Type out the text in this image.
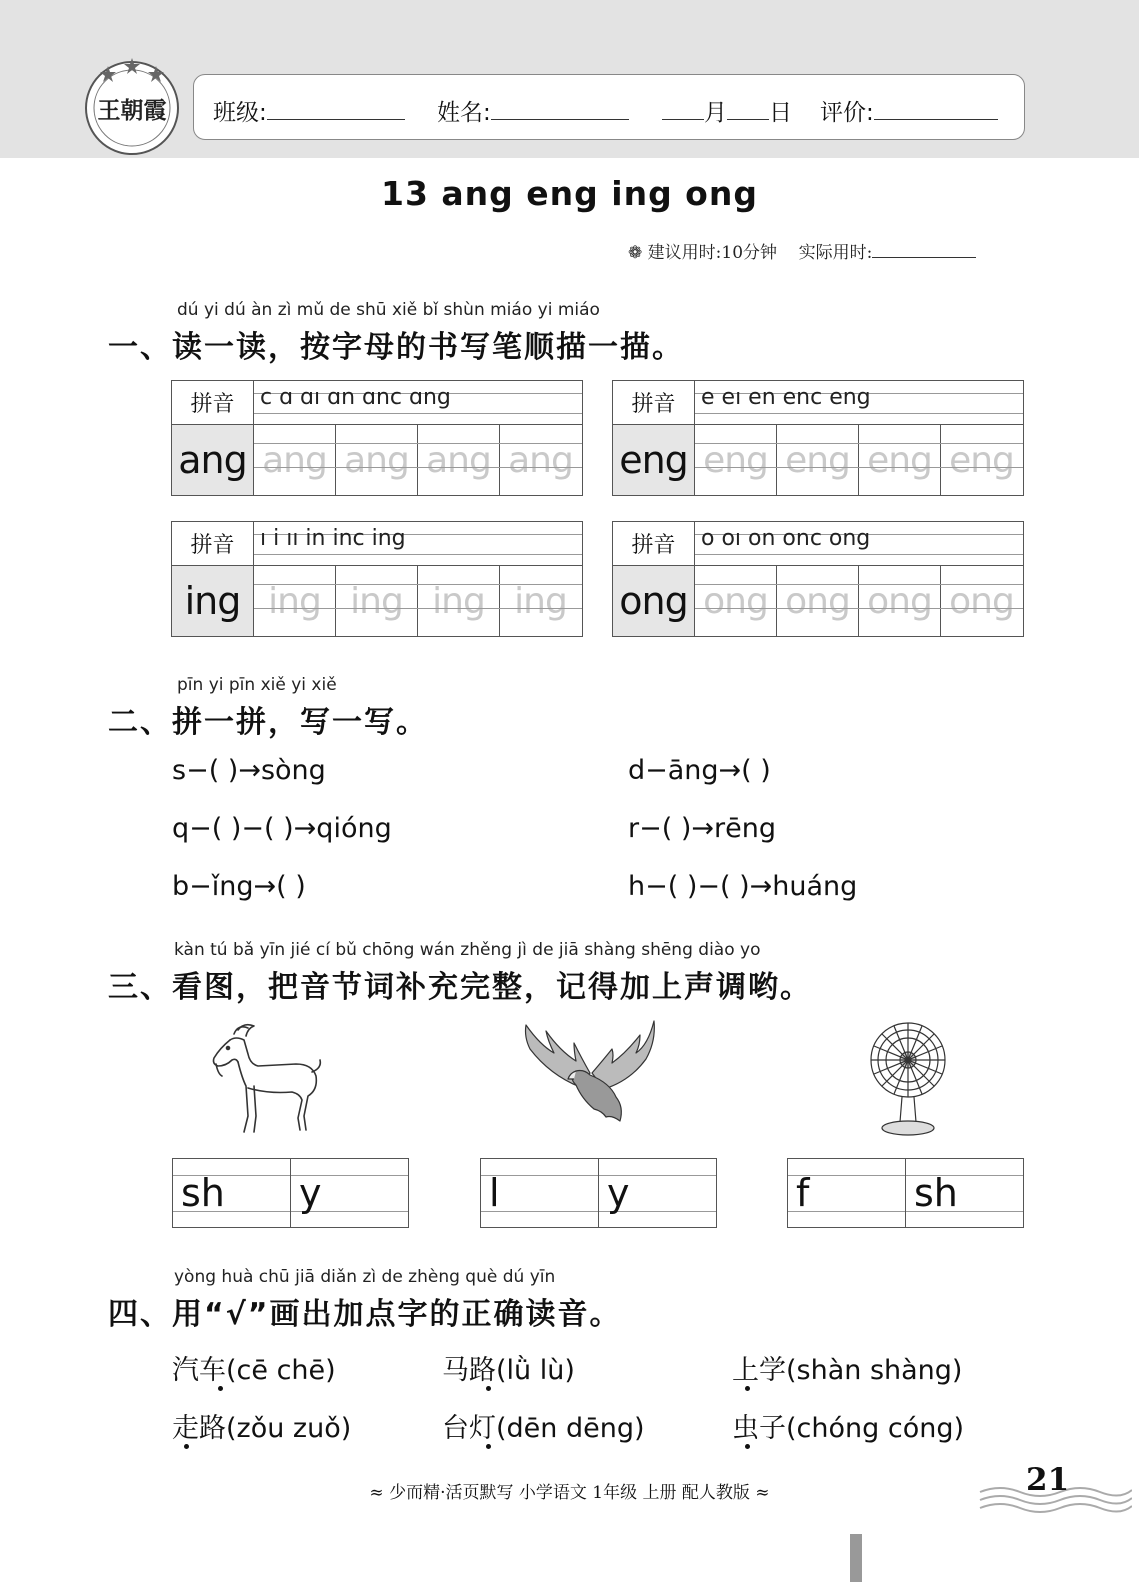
王朝霞 班级:	姓名:	月 日 评价:
13 ang eng ing ong
❁ 建议用时:10分钟 实际用时:
dú yi dú àn zì mǔ de shū xiě bǐ shùn miáo yi miáo
一、读一读，按字母的书写笔顺描一描。
拼音	c ɑ ɑı ɑn ɑnc ɑng
ang ang ang ang ang
拼音	e eı en enc eng
eng eng eng eng eng
拼音	ı i ıı in inc ing
ing ing ing ing ing
拼音	o oı on onc ong
ong ong ong ong ong
pīn yi pīn xiě yi xiě
二、拼一拼，写一写。
s−( )→sòng	d−āng→( )
q−( )−( )→qióng	r−( )→rēng
b−ǐng→( )	h−( )−( )→huáng
kàn tú bǎ yīn jié cí bǔ chōng wán zhěng jì de jiā shàng shēng diào yo
三、看图，把音节词补充完整，记得加上声调哟。
sh	y	l	y	f	sh
yòng huà chū jiā diǎn zì de zhèng què dú yīn
四、用“√”画出加点字的正确读音。
汽车(cē chē)	马路(lǜ lù)	上学(shàn shàng)
走路(zǒu zuǒ)	台灯(dēn dēng)	虫子(chóng cóng)
≈ 少而精·活页默写 小学语文 1年级 上册 配人教版 ≈	21
